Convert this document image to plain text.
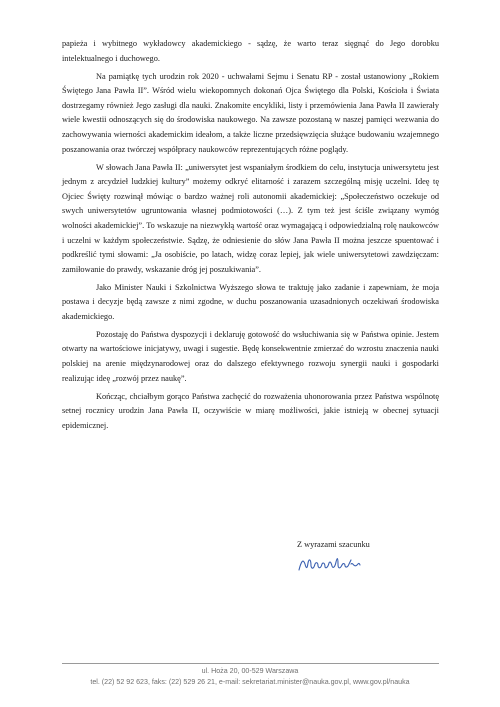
papieża i wybitnego wykładowcy akademickiego - sądzę, że warto teraz sięgnąć do Jego dorobku intelektualnego i duchowego.

Na pamiątkę tych urodzin rok 2020 - uchwałami Sejmu i Senatu RP - został ustanowiony „Rokiem Świętego Jana Pawła II”. Wśród wielu wiekopomnych dokonań Ojca Świętego dla Polski, Kościoła i Świata dostrzegamy również Jego zasługi dla nauki. Znakomite encykliki, listy i przemówienia Jana Pawła II zawierały wiele kwestii odnoszących się do środowiska naukowego. Na zawsze pozostaną w naszej pamięci wezwania do zachowywania wierności akademickim ideałom, a także liczne przedsięwzięcia służące budowaniu wzajemnego poszanowania oraz twórczej współpracy naukowców reprezentujących różne poglądy.

W słowach Jana Pawła II: „uniwersytet jest wspaniałym środkiem do celu, instytucja uniwersytetu jest jednym z arcydzieł ludzkiej kultury” możemy odkryć elitarność i zarazem szczególną misję uczelni. Ideę tę Ojciec Święty rozwinął mówiąc o bardzo ważnej roli autonomii akademickiej: „Społeczeństwo oczekuje od swych uniwersytetów ugruntowania własnej podmiotowości (…). Z tym też jest ściśle związany wymóg wolności akademickiej”. To wskazuje na niezwykłą wartość oraz wymagającą i odpowiedzialną rolę naukowców i uczelni w każdym społeczeństwie. Sądzę, że odniesienie do słów Jana Pawła II można jeszcze spuentować i podkreślić tymi słowami: „Ja osobiście, po latach, widzę coraz lepiej, jak wiele uniwersytetowi zawdzięczam: zamiłowanie do prawdy, wskazanie dróg jej poszukiwania”.

Jako Minister Nauki i Szkolnictwa Wyższego słowa te traktuję jako zadanie i zapewniam, że moja postawa i decyzje będą zawsze z nimi zgodne, w duchu poszanowania uzasadnionych oczekiwań środowiska akademickiego.

Pozostaję do Państwa dyspozycji i deklaruję gotowość do wsłuchiwania się w Państwa opinie. Jestem otwarty na wartościowe inicjatywy, uwagi i sugestie. Będę konsekwentnie zmierzać do wzrostu znaczenia nauki polskiej na arenie międzynarodowej oraz do dalszego efektywnego rozwoju synergii nauki i gospodarki realizując ideę „rozwój przez naukę”.

Kończąc, chciałbym gorąco Państwa zachęcić do rozważenia uhonorowania przez Państwa wspólnotę setnej rocznicy urodzin Jana Pawła II, oczywiście w miarę możliwości, jakie istnieją w obecnej sytuacji epidemicznej.

Z wyrazami szacunku
ul. Hoża 20, 00-529 Warszawa
tel. (22) 52 92 623, faks: (22) 529 26 21, e-mail: sekretariat.minister@nauka.gov.pl, www.gov.pl/nauka
